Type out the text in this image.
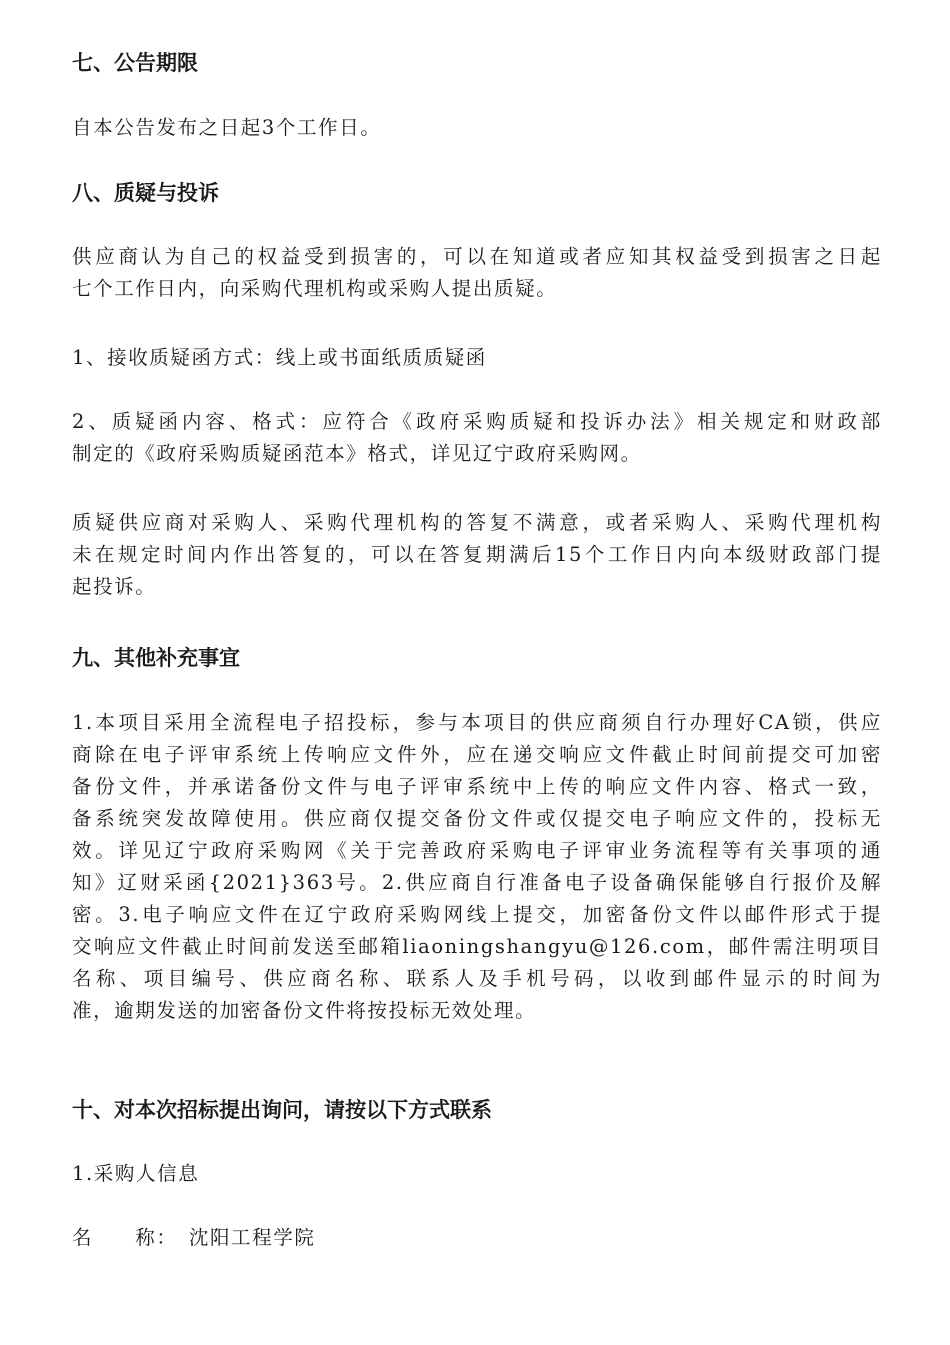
七、公告期限

自本公告发布之日起3个工作日。

八、质疑与投诉

供应商认为自己的权益受到损害的，可以在知道或者应知其权益受到损害之日起
七个工作日内，向采购代理机构或采购人提出质疑。

1、接收质疑函方式：线上或书面纸质质疑函

2、质疑函内容、格式：应符合《政府采购质疑和投诉办法》相关规定和财政部
制定的《政府采购质疑函范本》格式，详见辽宁政府采购网。

质疑供应商对采购人、采购代理机构的答复不满意，或者采购人、采购代理机构
未在规定时间内作出答复的，可以在答复期满后15个工作日内向本级财政部门提
起投诉。

九、其他补充事宜

1.本项目采用全流程电子招投标，参与本项目的供应商须自行办理好CA锁，供应
商除在电子评审系统上传响应文件外，应在递交响应文件截止时间前提交可加密
备份文件，并承诺备份文件与电子评审系统中上传的响应文件内容、格式一致，
备系统突发故障使用。供应商仅提交备份文件或仅提交电子响应文件的，投标无
效。详见辽宁政府采购网《关于完善政府采购电子评审业务流程等有关事项的通
知》辽财采函{2021}363号。2.供应商自行准备电子设备确保能够自行报价及解
密。3.电子响应文件在辽宁政府采购网线上提交，加密备份文件以邮件形式于提
交响应文件截止时间前发送至邮箱liaoningshangyu@126.com，邮件需注明项目
名称、项目编号、供应商名称、联系人及手机号码，以收到邮件显示的时间为
准，逾期发送的加密备份文件将按投标无效处理。

十、对本次招标提出询问，请按以下方式联系

1.采购人信息

名　　称：　沈阳工程学院
